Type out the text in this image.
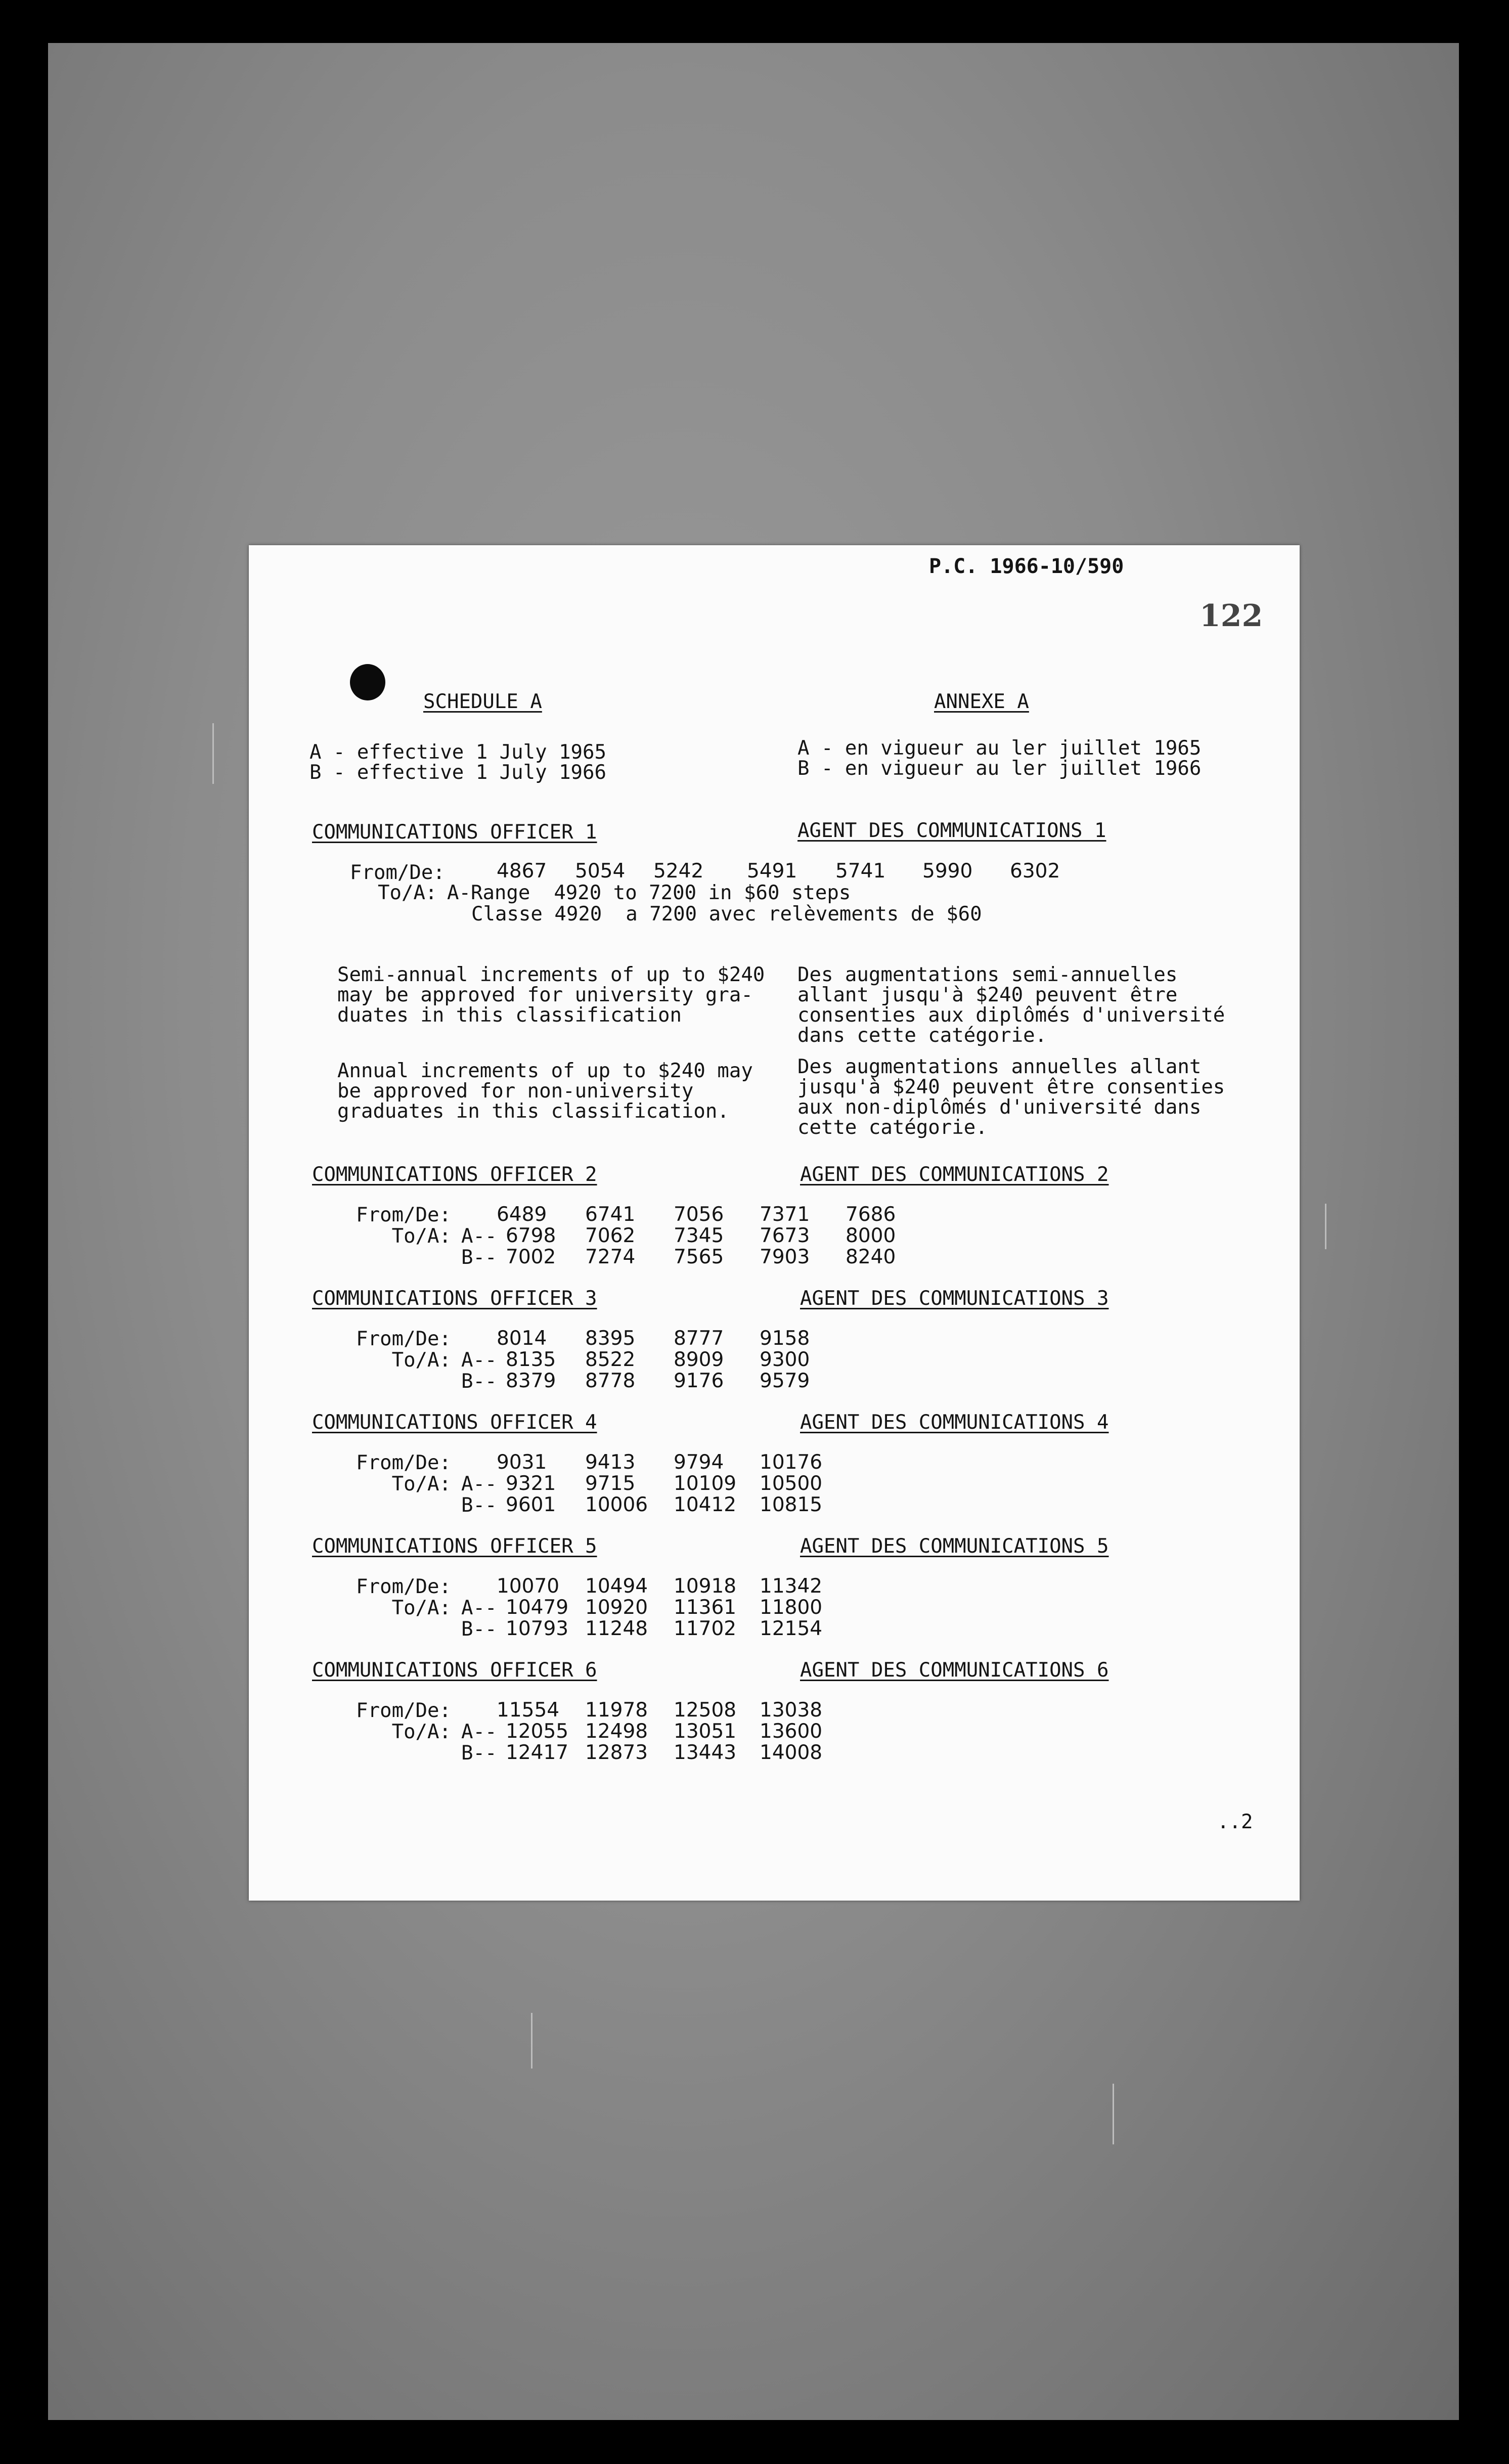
P.C. 1966-10/590
122
SCHEDULE A	ANNEXE A
A - effective 1 July 1965
B - effective 1 July 1966
A - en vigueur au ler juillet 1965
B - en vigueur au ler juillet 1966
COMMUNICATIONS OFFICER 1	AGENT DES COMMUNICATIONS 1
From/De:	4867 5054 5242 5491 5741 5990 6302
To/A: A-Range  4920 to 7200 in $60 steps
Classe 4920  a 7200 avec relèvements de $60
Semi-annual increments of up to $240
may be approved for university gra-
duates in this classification
Des augmentations semi-annuelles
allant jusqu'à $240 peuvent être
consenties aux diplômés d'université
dans cette catégorie.
Annual increments of up to $240 may
be approved for non-university
graduates in this classification.
Des augmentations annuelles allant
jusqu'à $240 peuvent être consenties
aux non-diplômés d'université dans
cette catégorie.
COMMUNICATIONS OFFICER 2	AGENT DES COMMUNICATIONS 2
From/De: 6489 6741 7056 7371 7686
To/A: A-- 6798 7062 7345 7673 8000
B-- 7002 7274 7565 7903 8240
COMMUNICATIONS OFFICER 3	AGENT DES COMMUNICATIONS 3
From/De: 8014 8395 8777 9158
To/A: A-- 8135 8522 8909 9300
B-- 8379 8778 9176 9579
COMMUNICATIONS OFFICER 4	AGENT DES COMMUNICATIONS 4
From/De: 9031 9413 9794 10176
To/A: A-- 9321 9715 10109 10500
B-- 9601 10006 10412 10815
COMMUNICATIONS OFFICER 5	AGENT DES COMMUNICATIONS 5
From/De: 10070 10494 10918 11342
To/A: A-- 10479 10920 11361 11800
B-- 10793 11248 11702 12154
COMMUNICATIONS OFFICER 6	AGENT DES COMMUNICATIONS 6
From/De: 11554 11978 12508 13038
To/A: A-- 12055 12498 13051 13600
B-- 12417 12873 13443 14008
..2
